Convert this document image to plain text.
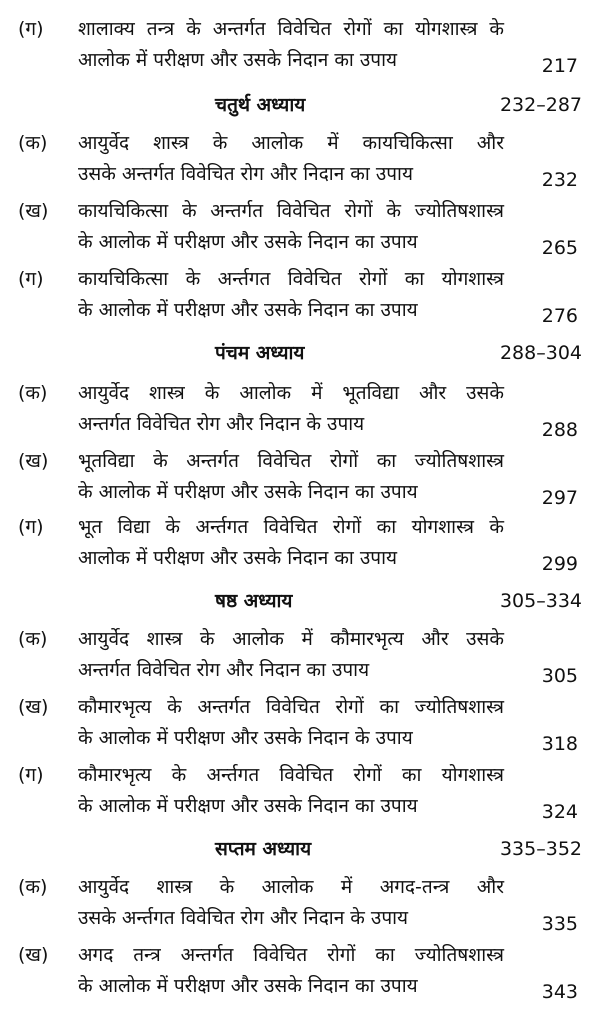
(ग) शालाक्य तन्त्र के अन्तर्गत विवेचित रोगों का योगशास्त्र के
आलोक में परीक्षण और उसके निदान का उपाय	217
चतुर्थ अध्याय	232–287
(क) आयुर्वेद शास्त्र के आलोक में कायचिकित्सा और
उसके अन्तर्गत विवेचित रोग और निदान का उपाय	232
(ख) कायचिकित्सा के अन्तर्गत विवेचित रोगों के ज्योतिषशास्त्र
के आलोक में परीक्षण और उसके निदान का उपाय	265
(ग) कायचिकित्सा के अर्न्तगत विवेचित रोगों का योगशास्त्र
के आलोक में परीक्षण और उसके निदान का उपाय	276
पंचम अध्याय	288–304
(क) आयुर्वेद शास्त्र के आलोक में भूतविद्या और उसके
अन्तर्गत विवेचित रोग और निदान के उपाय	288
(ख) भूतविद्या के अन्तर्गत विवेचित रोगों का ज्योतिषशास्त्र
के आलोक में परीक्षण और उसके निदान का उपाय	297
(ग) भूत विद्या के अर्न्तगत विवेचित रोगों का योगशास्त्र के
आलोक में परीक्षण और उसके निदान का उपाय	299
षष्ठ अध्याय	305–334
(क) आयुर्वेद शास्त्र के आलोक में कौमारभृत्य और उसके
अन्तर्गत विवेचित रोग और निदान का उपाय	305
(ख) कौमारभृत्य के अन्तर्गत विवेचित रोगों का ज्योतिषशास्त्र
के आलोक में परीक्षण और उसके निदान के उपाय	318
(ग) कौमारभृत्य के अर्न्तगत विवेचित रोगों का योगशास्त्र
के आलोक में परीक्षण और उसके निदान का उपाय	324
सप्तम अध्याय	335–352
(क) आयुर्वेद शास्त्र के आलोक में अगद-तन्त्र और
उसके अर्न्तगत विवेचित रोग और निदान के उपाय	335
(ख) अगद तन्त्र अन्तर्गत विवेचित रोगों का ज्योतिषशास्त्र
के आलोक में परीक्षण और उसके निदान का उपाय	343
